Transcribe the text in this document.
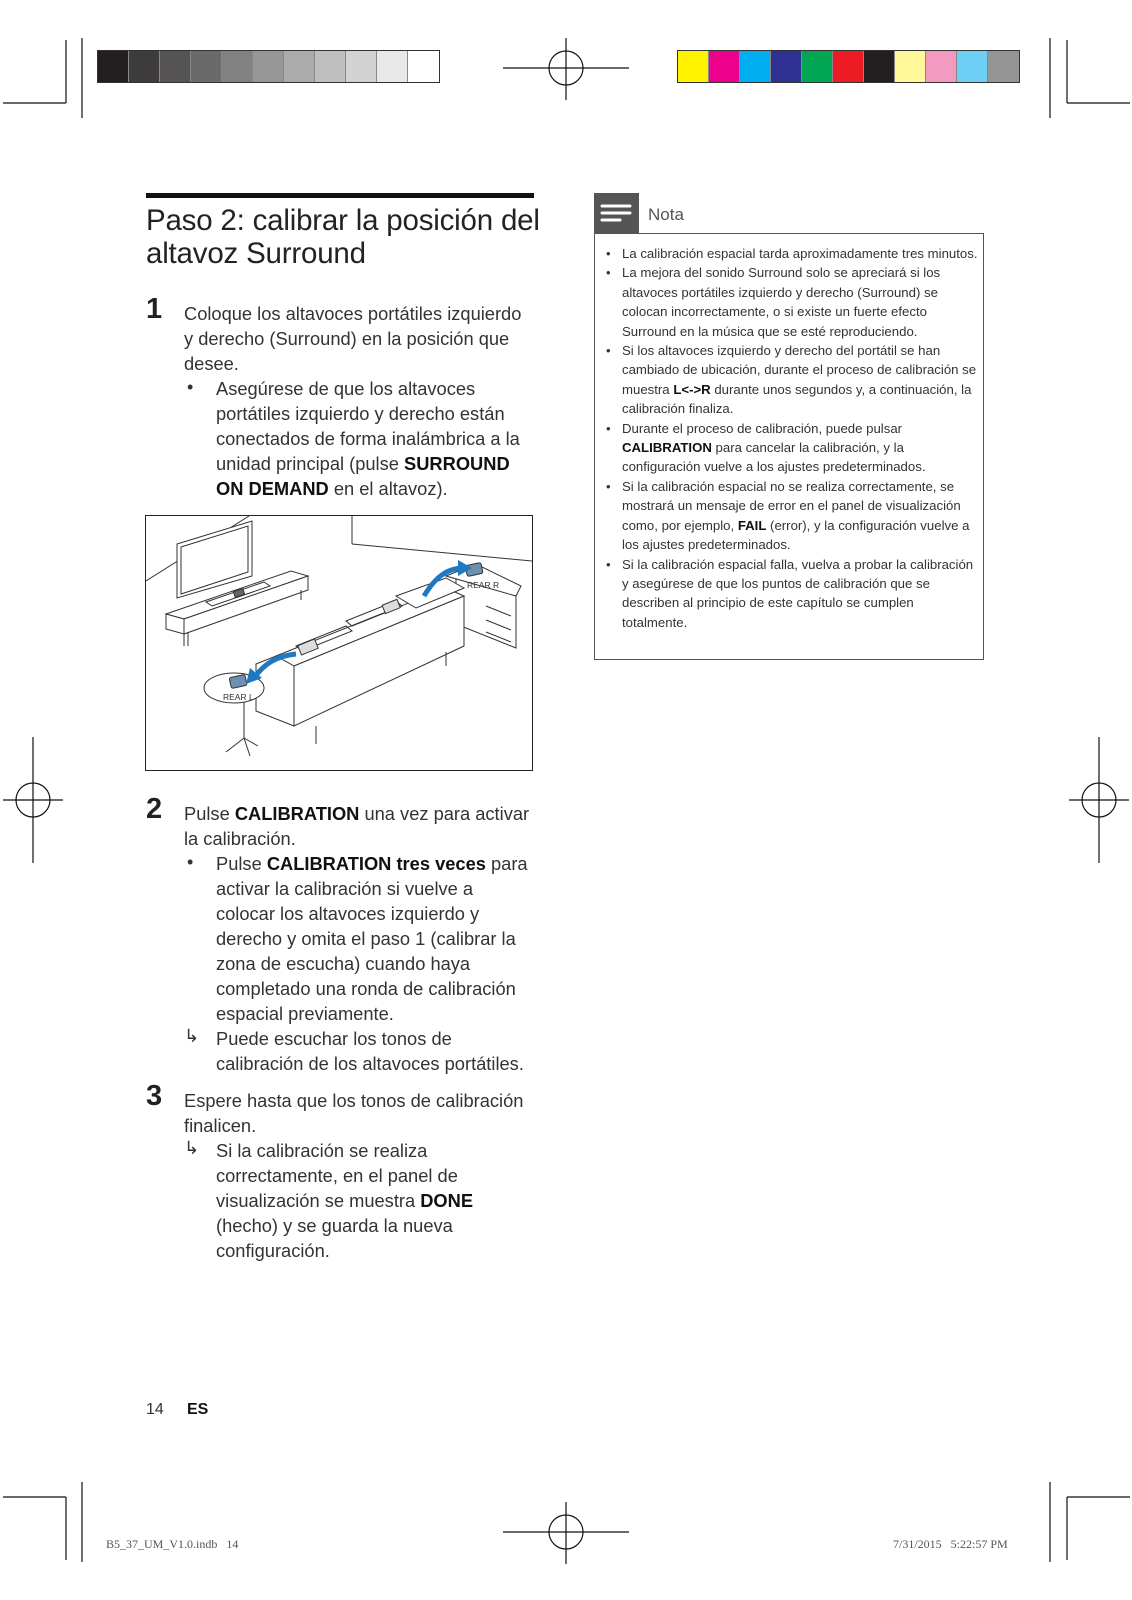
Paso 2: calibrar la posición del altavoz Surround
1 Coloque los altavoces portátiles izquierdo y derecho (Surround) en la posición que desee.
• Asegúrese de que los altavoces portátiles izquierdo y derecho están conectados de forma inalámbrica a la unidad principal (pulse SURROUND ON DEMAND en el altavoz).
REAR R
REAR L
2 Pulse CALIBRATION una vez para activar la calibración.
• Pulse CALIBRATION tres veces para activar la calibración si vuelve a colocar los altavoces izquierdo y derecho y omita el paso 1 (calibrar la zona de escucha) cuando haya completado una ronda de calibración espacial previamente.
↳ Puede escuchar los tonos de calibración de los altavoces portátiles.
3 Espere hasta que los tonos de calibración finalicen.
↳ Si la calibración se realiza correctamente, en el panel de visualización se muestra DONE (hecho) y se guarda la nueva configuración.
Nota
• La calibración espacial tarda aproximadamente tres minutos.
• La mejora del sonido Surround solo se apreciará si los altavoces portátiles izquierdo y derecho (Surround) se colocan incorrectamente, o si existe un fuerte efecto Surround en la música que se esté reproduciendo.
• Si los altavoces izquierdo y derecho del portátil se han cambiado de ubicación, durante el proceso de calibración se muestra L<->R durante unos segundos y, a continuación, la calibración finaliza.
• Durante el proceso de calibración, puede pulsar CALIBRATION para cancelar la calibración, y la configuración vuelve a los ajustes predeterminados.
• Si la calibración espacial no se realiza correctamente, se mostrará un mensaje de error en el panel de visualización como, por ejemplo, FAIL (error), y la configuración vuelve a los ajustes predeterminados.
• Si la calibración espacial falla, vuelva a probar la calibración y asegúrese de que los puntos de calibración que se describen al principio de este capítulo se cumplen totalmente.
14 ES
B5_37_UM_V1.0.indb   14	7/31/2015   5:22:57 PM
